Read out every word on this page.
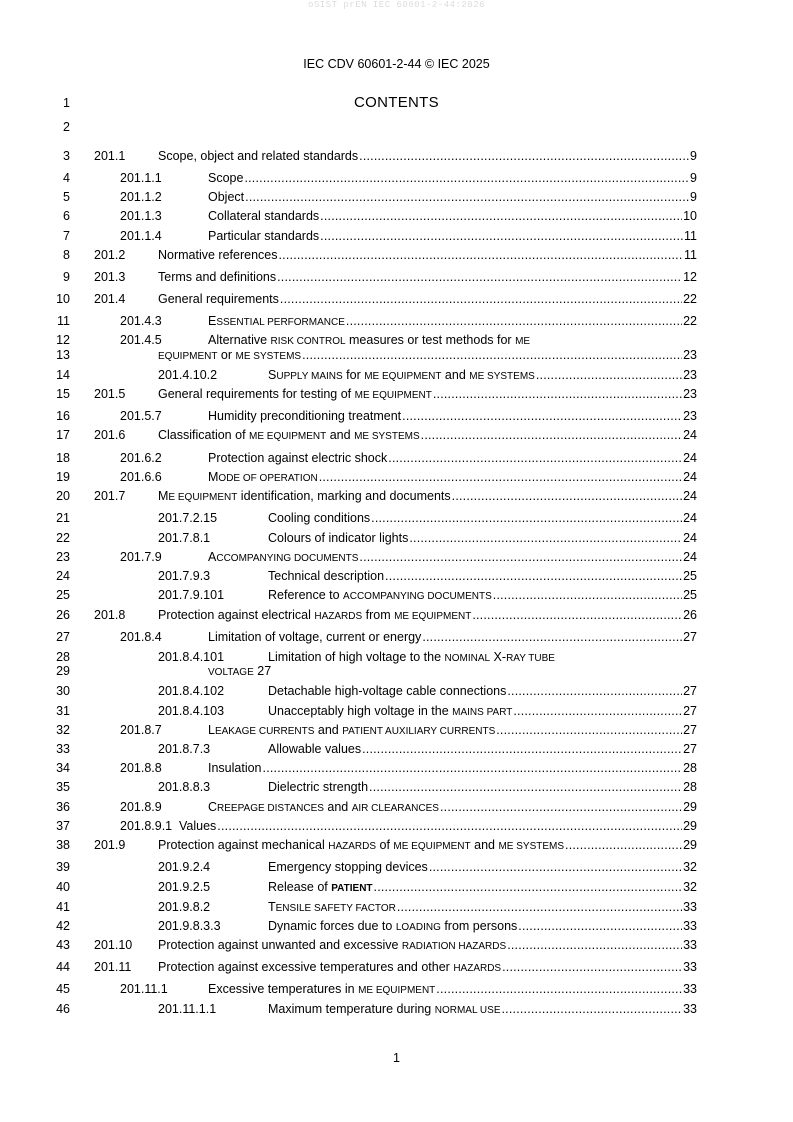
oSIST prEN IEC 60601-2-44:2026
IEC CDV 60601-2-44 © IEC 2025
CONTENTS
1
2
3
4
5
6
7
8
9
10
11
12
13
14
15
16
17
18
19
20
21
22
23
24
25
26
27
28
29
30
31
32
33
34
35
36
37
38
39
40
41
42
43
44
45
46
201.1	Scope, object and related standards .....	9
201.1.1	Scope .....	9
201.1.2	Object .....	9
201.1.3	Collateral standards .....	10
201.1.4	Particular standards .....	11
201.2	Normative references .....	11
201.3	Terms and definitions .....	12
201.4	General requirements .....	22
201.4.3	ESSENTIAL PERFORMANCE .....	22
201.4.5	Alternative RISK CONTROL measures or test methods for ME
EQUIPMENT or ME SYSTEMS .....	23
201.4.10.2	SUPPLY MAINS for ME EQUIPMENT and ME SYSTEMS .....	23
201.5	General requirements for testing of ME EQUIPMENT .....	23
201.5.7	Humidity preconditioning treatment .....	23
201.6	Classification of ME EQUIPMENT and ME SYSTEMS .....	24
201.6.2	Protection against electric shock .....	24
201.6.6	MODE OF OPERATION .....	24
201.7	ME EQUIPMENT identification, marking and documents .....	24
201.7.2.15	Cooling conditions .....	24
201.7.8.1	Colours of indicator lights .....	24
201.7.9	ACCOMPANYING DOCUMENTS .....	24
201.7.9.3	Technical description .....	25
201.7.9.101	Reference to ACCOMPANYING DOCUMENTS .....	25
201.8	Protection against electrical HAZARDS from ME EQUIPMENT .....	26
201.8.4	Limitation of voltage, current or energy .....	27
201.8.4.101	Limitation of high voltage to the NOMINAL X-RAY TUBE
VOLTAGE 27
201.8.4.102	Detachable high-voltage cable connections .....	27
201.8.4.103	Unacceptably high voltage in the MAINS PART .....	27
201.8.7	LEAKAGE CURRENTS and PATIENT AUXILIARY CURRENTS .....	27
201.8.7.3	Allowable values .....	27
201.8.8	Insulation .....	28
201.8.8.3	Dielectric strength .....	28
201.8.9	CREEPAGE DISTANCES and AIR CLEARANCES .....	29
201.8.9.1 Values .....	29
201.9	Protection against mechanical HAZARDS of ME EQUIPMENT and ME SYSTEMS .....	29
201.9.2.4	Emergency stopping devices .....	32
201.9.2.5	Release of PATIENT .....	32
201.9.8.2	TENSILE SAFETY FACTOR .....	33
201.9.8.3.3	Dynamic forces due to LOADING from persons .....	33
201.10 Protection against unwanted and excessive RADIATION HAZARDS .....	33
201.11 Protection against excessive temperatures and other HAZARDS .....	33
201.11.1	Excessive temperatures in ME EQUIPMENT .....	33
201.11.1.1	Maximum temperature during NORMAL USE .....	33
1
